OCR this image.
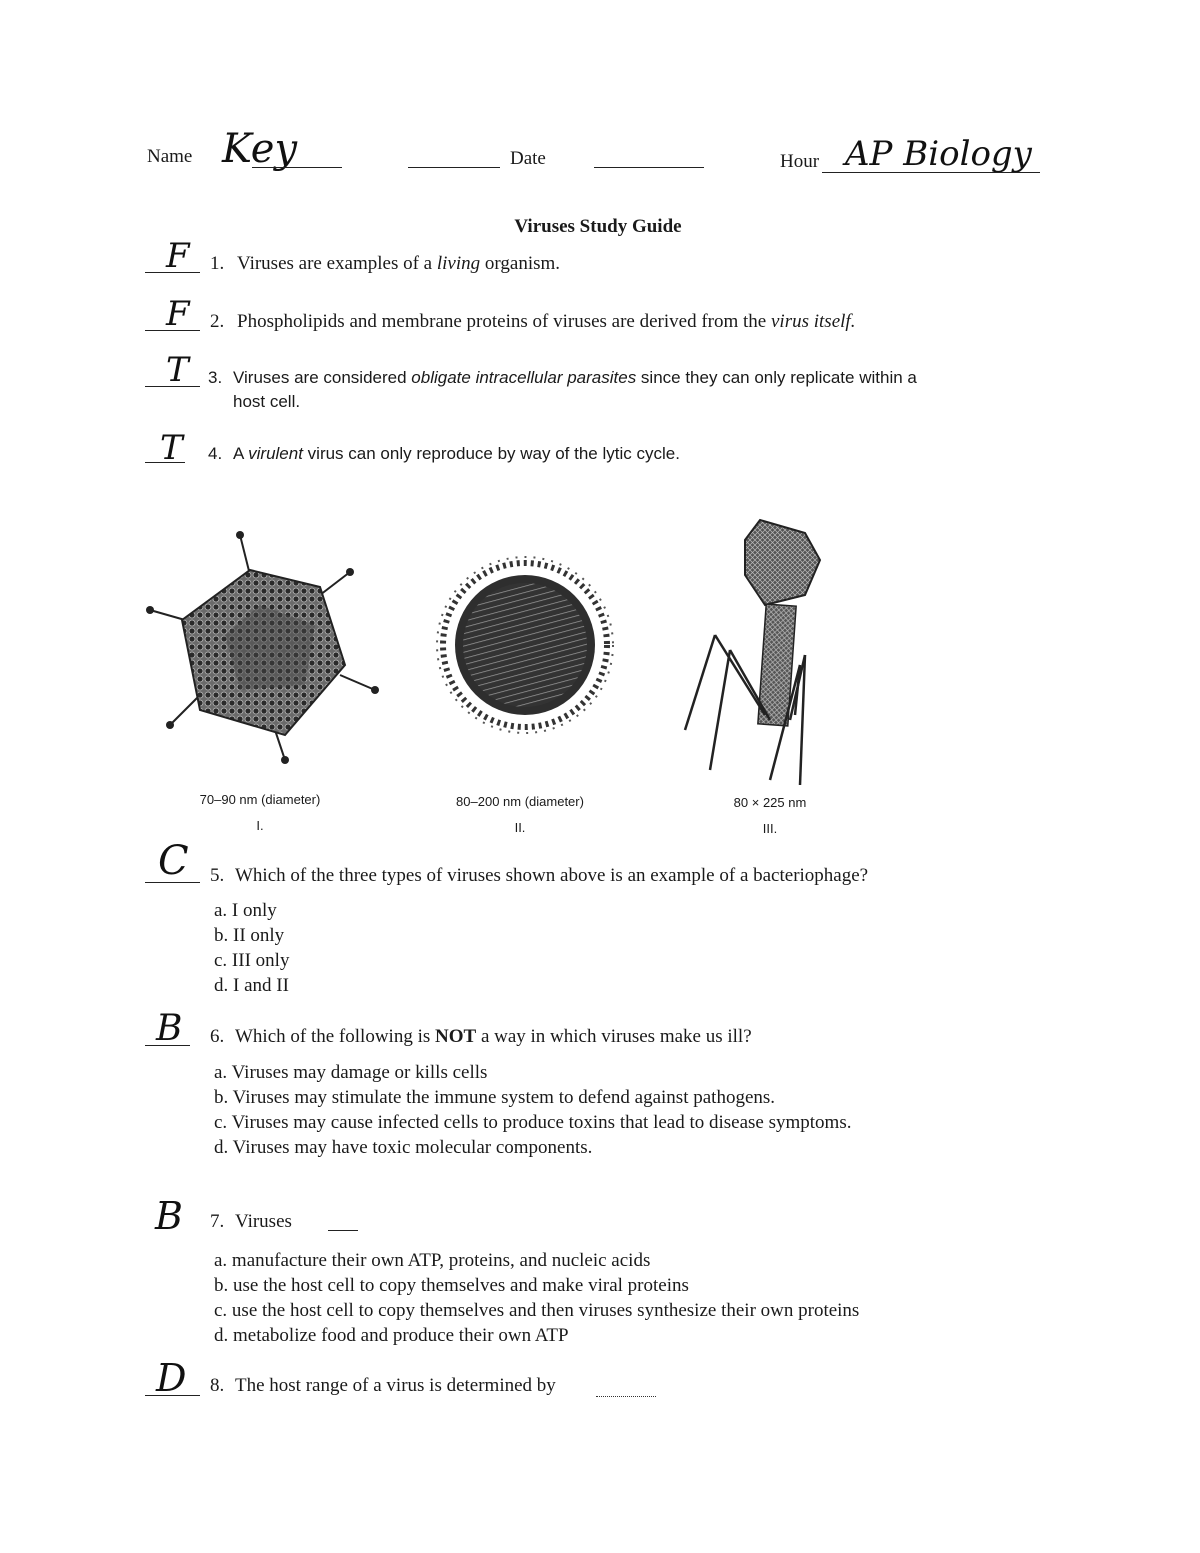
Name Key	Date	Hour AP Biology
Viruses Study Guide
F 1. Viruses are examples of a living organism.
F 2. Phospholipids and membrane proteins of viruses are derived from the virus itself.
T 3. Viruses are considered obligate intracellular parasites since they can only replicate within a
host cell.
T 4. A virulent virus can only reproduce by way of the lytic cycle.
70–90 nm (diameter)
I.
80–200 nm (diameter)
II.
80 × 225 nm
III.
C 5. Which of the three types of viruses shown above is an example of a bacteriophage?
a. I only
b. II only
c. III only
d. I and II
B 6. Which of the following is NOT a way in which viruses make us ill?
a. Viruses may damage or kills cells
b. Viruses may stimulate the immune system to defend against pathogens.
c. Viruses may cause infected cells to produce toxins that lead to disease symptoms.
d. Viruses may have toxic molecular components.
B 7. Viruses
a. manufacture their own ATP, proteins, and nucleic acids
b. use the host cell to copy themselves and make viral proteins
c. use the host cell to copy themselves and then viruses synthesize their own proteins
d. metabolize food and produce their own ATP
D 8. The host range of a virus is determined by
